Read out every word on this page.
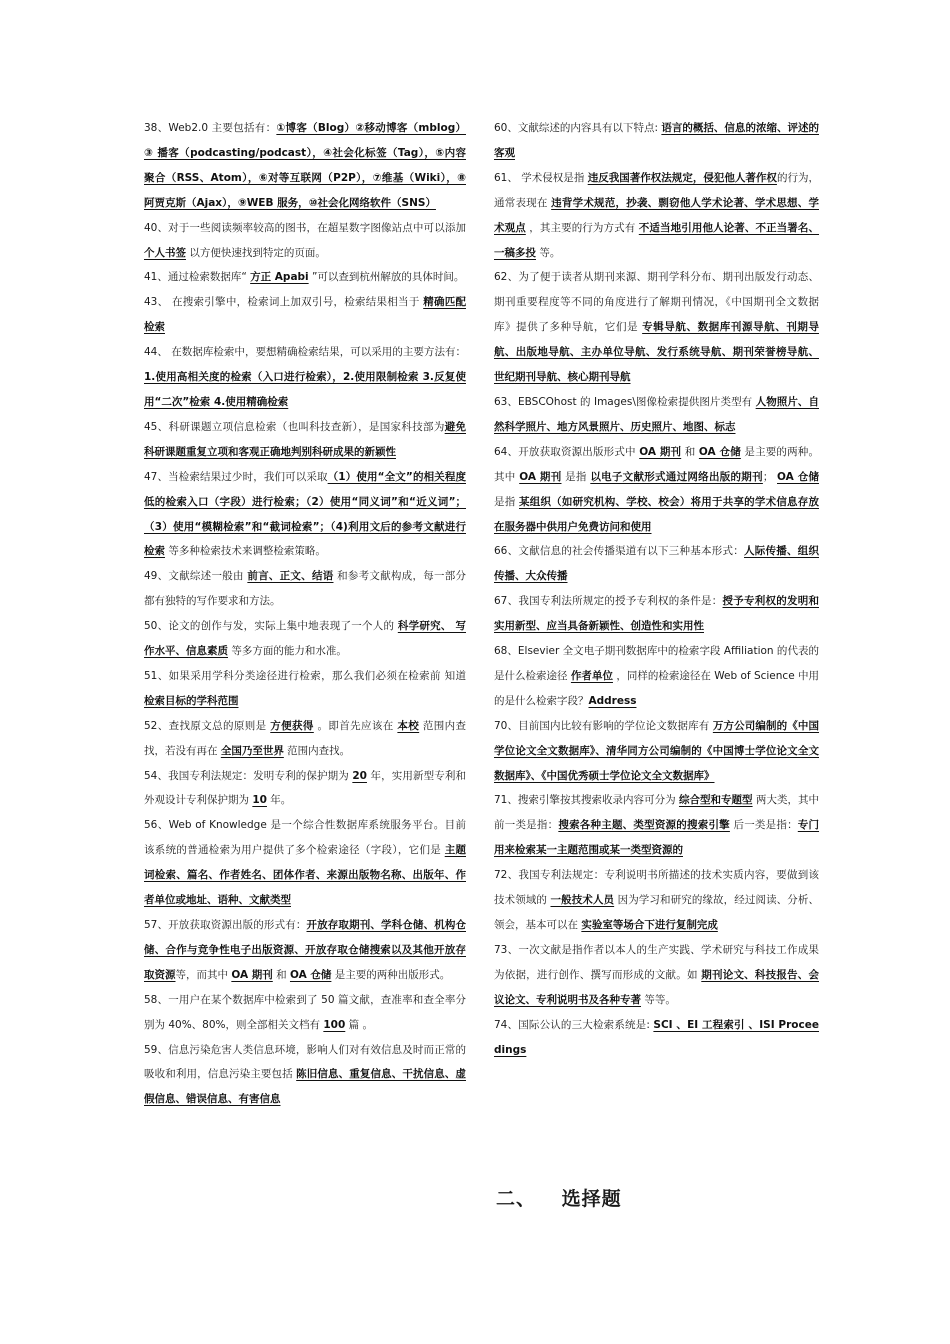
38、Web2.0 主要包括有：①博客（Blog）②移动博客（mblog）③ 播客（podcasting/podcast），④社会化标签（Tag），⑤内容聚合（RSS、Atom），⑥对等互联网（P2P），⑦维基（Wiki），⑧阿贾克斯（Ajax），⑨WEB 服务，⑩社会化网络软件（SNS）

40、对于一些阅读频率较高的图书，在超星数字图像站点中可以添加 个人书签 以方便快速找到特定的页面。

41、通过检索数据库“ 方正 Apabi ”可以查到杭州解放的具体时间。

43、 在搜索引擎中，检索词上加双引号，检索结果相当于 精确匹配检索

44、 在数据库检索中，要想精确检索结果，可以采用的主要方法有：1.使用高相关度的检索（入口进行检索），2.使用限制检索 3.反复使用“二次”检索 4.使用精确检索

45、科研课题立项信息检索（也叫科技查新），是国家科技部为避免科研课题重复立项和客观正确地判别科研成果的新颖性

47、当检索结果过少时，我们可以采取（1）使用“全文”的相关程度低的检索入口（字段）进行检索；（2）使用“同义词”和“近义词”；（3）使用“模糊检索”和“截词检索”；（4)利用文后的参考文献进行检索 等多种检索技术来调整检索策略。

49、文献综述一般由 前言、正文、结语 和参考文献构成，每一部分都有独特的写作要求和方法。

50、论文的创作与发，实际上集中地表现了一个人的 科学研究、 写作水平、信息素质 等多方面的能力和水准。

51、如果采用学科分类途径进行检索，那么我们必须在检索前 知道 检索目标的学科范围

52、查找原文总的原则是 方便获得 。即首先应该在 本校 范围内查找，若没有再在 全国乃至世界 范围内查找。

54、我国专利法规定：发明专利的保护期为 20 年，实用新型专利和外观设计专利保护期为 10 年。

56、Web of Knowledge 是一个综合性数据库系统服务平台。目前该系统的普通检索为用户提供了多个检索途径（字段），它们是 主题词检索、篇名、作者姓名、团体作者、来源出版物名称、出版年、作者单位或地址、语种、文献类型

57、开放获取资源出版的形式有：开放存取期刊、学科仓储、机构仓储、合作与竞争性电子出版资源、开放存取仓储搜索以及其他开放存取资源等，而其中 OA 期刊 和 OA 仓储 是主要的两种出版形式。

58、一用户在某个数据库中检索到了 50 篇文献，查准率和查全率分别为 40%、80%，则全部相关文档有 100 篇 。

59、信息污染危害人类信息环境，影响人们对有效信息及时而正常的吸收和利用，信息污染主要包括 陈旧信息、重复信息、干扰信息、虚假信息、错误信息、有害信息

60、文献综述的内容具有以下特点: 语言的概括、信息的浓缩、评述的客观

61、 学术侵权是指 违反我国著作权法规定，侵犯他人著作权的行为，通常表现在 违背学术规范，抄袭、剽窃他人学术论著、学术思想、学术观点 ，其主要的行为方式有 不适当地引用他人论著、不正当署名、一稿多投 等。

62、为了便于读者从期刊来源、期刊学科分布、期刊出版发行动态、期刊重要程度等不同的角度进行了解期刊情况，《中国期刊全文数据库》提供了多种导航，它们是 专辑导航、数据库刊源导航、刊期导航、出版地导航、主办单位导航、发行系统导航、期刊荣誉榜导航、世纪期刊导航、核心期刊导航

63、EBSCOhost 的 Images\图像检索提供图片类型有 人物照片、自然科学照片、地方风景照片、历史照片、地图、标志

64、开放获取资源出版形式中 OA 期刊 和 OA 仓储 是主要的两种。其中 OA 期刊 是指 以电子文献形式通过网络出版的期刊； OA 仓储 是指 某组织（如研究机构、学校、校会）将用于共享的学术信息存放在服务器中供用户免费访问和使用

66、文献信息的社会传播渠道有以下三种基本形式：人际传播、组织传播、大众传播

67、我国专利法所规定的授予专利权的条件是：授予专利权的发明和实用新型、应当具备新颖性、创造性和实用性

68、Elsevier 全文电子期刊数据库中的检索字段 Affiliation 的代表的是什么检索途径 作者单位 ，同样的检索途径在 Web of Science 中用的是什么检索字段？Address

70、目前国内比较有影响的学位论文数据库有 万方公司编制的《中国学位论文全文数据库》、清华同方公司编制的《中国博士学位论文全文数据库》、《中国优秀硕士学位论文全文数据库》

71、搜索引擎按其搜索收录内容可分为 综合型和专题型 两大类，其中前一类是指：搜索各种主题、类型资源的搜索引擎 后一类是指：专门用来检索某一主题范围或某一类型资源的

72、我国专利法规定：专利说明书所描述的技术实质内容，要做到该技术领域的 一般技术人员 因为学习和研究的缘故，经过阅读、分析、领会，基本可以在 实验室等场合下进行复制完成

73、一次文献是指作者以本人的生产实践、学术研究与科技工作成果为依据，进行创作、撰写而形成的文献。如 期刊论文、科技报告、会议论文、专利说明书及各种专著 等等。

74、国际公认的三大检索系统是: SCI 、EI 工程索引 、ISI Proceedings

二、 选择题
